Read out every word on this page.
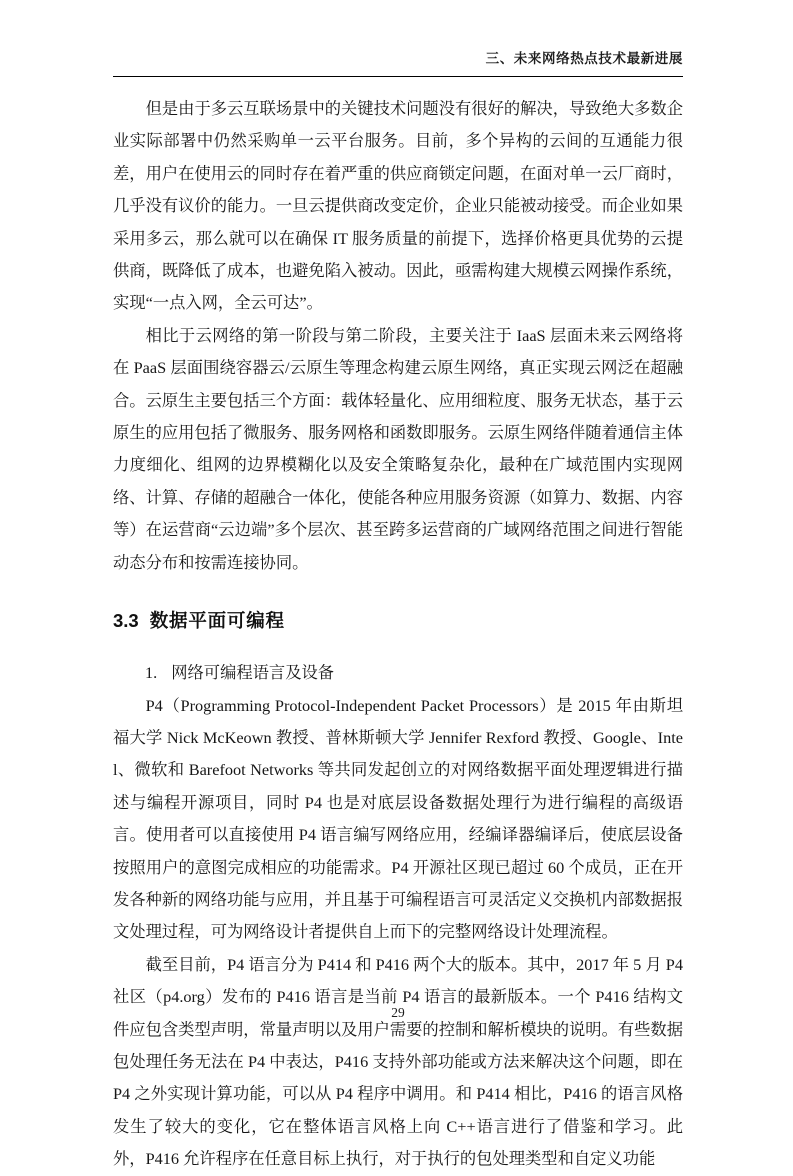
三、未来网络热点技术最新进展

但是由于多云互联场景中的关键技术问题没有很好的解决，导致绝大多数企业实际部署中仍然采购单一云平台服务。目前，多个异构的云间的互通能力很差，用户在使用云的同时存在着严重的供应商锁定问题，在面对单一云厂商时，几乎没有议价的能力。一旦云提供商改变定价，企业只能被动接受。而企业如果采用多云，那么就可以在确保 IT 服务质量的前提下，选择价格更具优势的云提供商，既降低了成本，也避免陷入被动。因此，亟需构建大规模云网操作系统，实现“一点入网，全云可达”。

相比于云网络的第一阶段与第二阶段，主要关注于 IaaS 层面未来云网络将在 PaaS 层面围绕容器云/云原生等理念构建云原生网络，真正实现云网泛在超融合。云原生主要包括三个方面：载体轻量化、应用细粒度、服务无状态，基于云原生的应用包括了微服务、服务网格和函数即服务。云原生网络伴随着通信主体力度细化、组网的边界模糊化以及安全策略复杂化，最种在广域范围内实现网络、计算、存储的超融合一体化，使能各种应用服务资源（如算力、数据、内容等）在运营商“云边端”多个层次、甚至跨多运营商的广域网络范围之间进行智能动态分布和按需连接协同。

3.3 数据平面可编程
1. 网络可编程语言及设备

P4（Programming Protocol-Independent Packet Processors）是 2015 年由斯坦福大学 Nick McKeown 教授、普林斯顿大学 Jennifer Rexford 教授、Google、Intel、微软和 Barefoot Networks 等共同发起创立的对网络数据平面处理逻辑进行描述与编程开源项目，同时 P4 也是对底层设备数据处理行为进行编程的高级语言。使用者可以直接使用 P4 语言编写网络应用，经编译器编译后，使底层设备按照用户的意图完成相应的功能需求。P4 开源社区现已超过 60 个成员，正在开发各种新的网络功能与应用，并且基于可编程语言可灵活定义交换机内部数据报文处理过程，可为网络设计者提供自上而下的完整网络设计处理流程。

截至目前，P4 语言分为 P414 和 P416 两个大的版本。其中，2017 年 5 月 P4 社区（p4.org）发布的 P416 语言是当前 P4 语言的最新版本。一个 P416 结构文件应包含类型声明，常量声明以及用户需要的控制和解析模块的说明。有些数据包处理任务无法在 P4 中表达，P416 支持外部功能或方法来解决这个问题，即在 P4 之外实现计算功能，可以从 P4 程序中调用。和 P414 相比，P416 的语言风格发生了较大的变化，它在整体语言风格上向 C++语言进行了借鉴和学习。此外，P416 允许程序在任意目标上执行，对于执行的包处理类型和自定义功能

29
